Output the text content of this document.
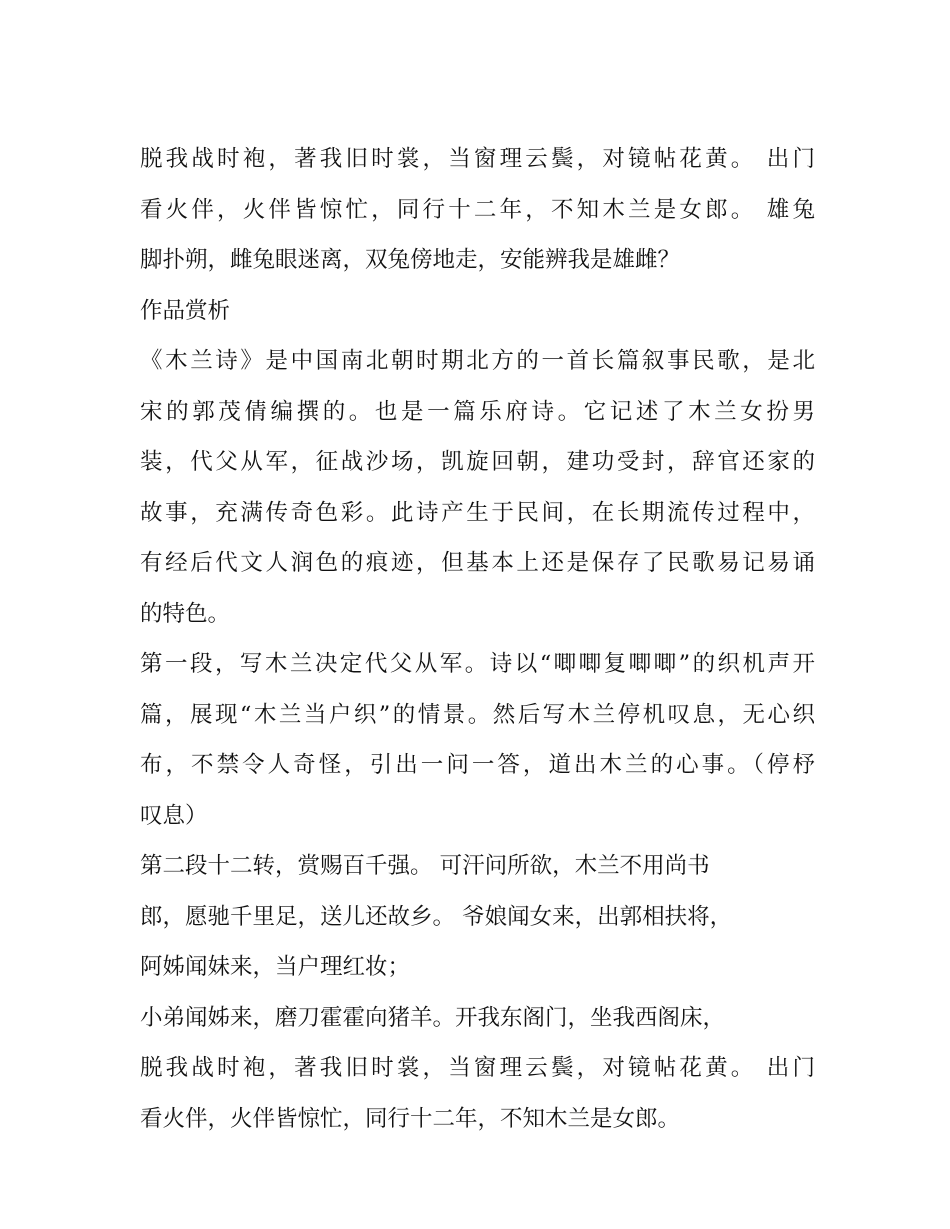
脱我战时袍，著我旧时裳，当窗理云鬓，对镜帖花黄。 出门
看火伴，火伴皆惊忙，同行十二年，不知木兰是女郎。 雄兔
脚扑朔，雌兔眼迷离，双兔傍地走，安能辨我是雄雌？
作品赏析
《木兰诗》是中国南北朝时期北方的一首长篇叙事民歌，是北
宋的郭茂倩编撰的。也是一篇乐府诗。它记述了木兰女扮男
装，代父从军，征战沙场，凯旋回朝，建功受封，辞官还家的
故事，充满传奇色彩。此诗产生于民间，在长期流传过程中，
有经后代文人润色的痕迹，但基本上还是保存了民歌易记易诵
的特色。
第一段，写木兰决定代父从军。诗以“唧唧复唧唧”的织机声开
篇，展现“木兰当户织”的情景。然后写木兰停机叹息，无心织
布，不禁令人奇怪，引出一问一答，道出木兰的心事。（停杼
叹息）
第二段十二转，赏赐百千强。 可汗问所欲，木兰不用尚书
郎，愿驰千里足，送儿还故乡。 爷娘闻女来，出郭相扶将，
阿姊闻妹来，当户理红妆；
小弟闻姊来，磨刀霍霍向猪羊。开我东阁门，坐我西阁床，
脱我战时袍，著我旧时裳，当窗理云鬓，对镜帖花黄。 出门
看火伴，火伴皆惊忙，同行十二年，不知木兰是女郎。
